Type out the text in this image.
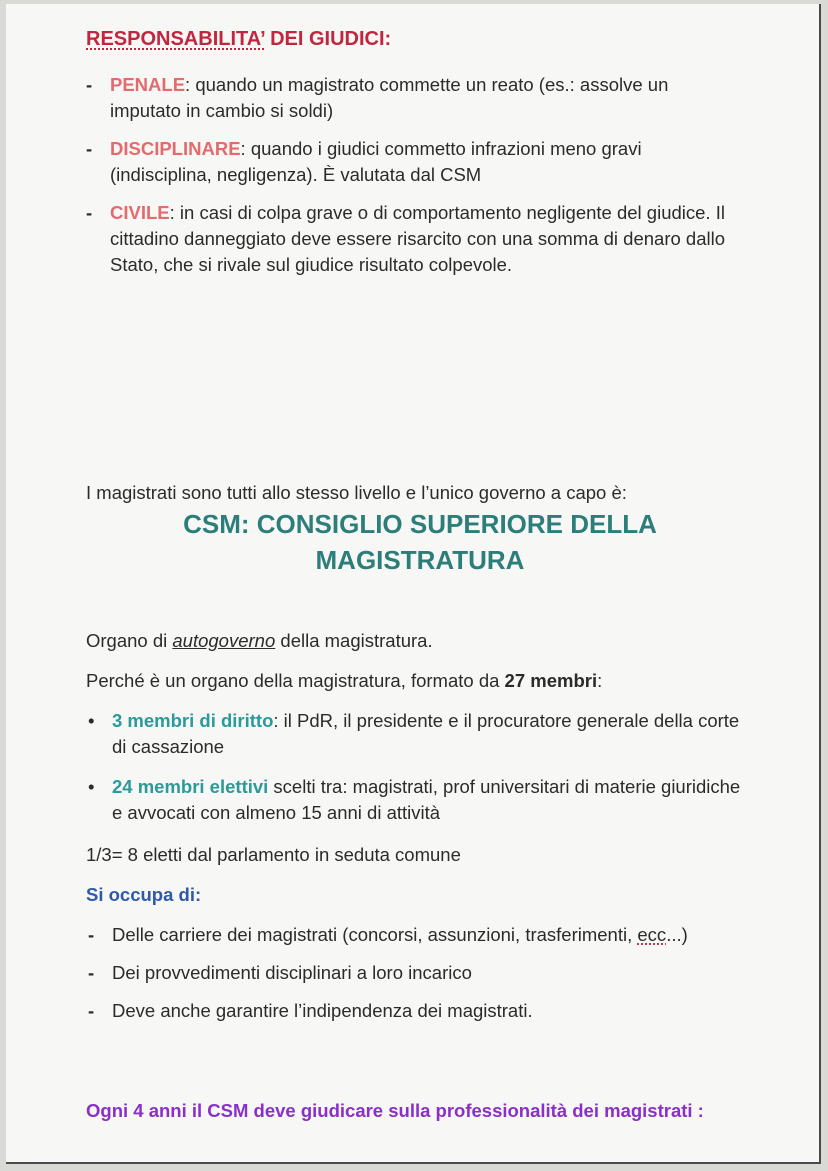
RESPONSABILITA’ DEI GIUDICI:
- PENALE: quando un magistrato commette un reato (es.: assolve un imputato in cambio si soldi)
- DISCIPLINARE: quando i giudici commetto infrazioni meno gravi (indisciplina, negligenza). È valutata dal CSM
- CIVILE: in casi di colpa grave o di comportamento negligente del giudice. Il cittadino danneggiato deve essere risarcito con una somma di denaro dallo Stato, che si rivale sul giudice risultato colpevole.

I magistrati sono tutti allo stesso livello e l’unico governo a capo è:

CSM: CONSIGLIO SUPERIORE DELLA
MAGISTRATURA

Organo di autogoverno della magistratura.

Perché è un organo della magistratura, formato da 27 membri:

• 3 membri di diritto: il PdR, il presidente e il procuratore generale della corte di cassazione
• 24 membri elettivi scelti tra: magistrati, prof universitari di materie giuridiche e avvocati con almeno 15 anni di attività

1/3= 8 eletti dal parlamento in seduta comune

Si occupa di:

- Delle carriere dei magistrati (concorsi, assunzioni, trasferimenti, ecc...)
- Dei provvedimenti disciplinari a loro incarico
- Deve anche garantire l’indipendenza dei magistrati.

Ogni 4 anni il CSM deve giudicare sulla professionalità dei magistrati :
